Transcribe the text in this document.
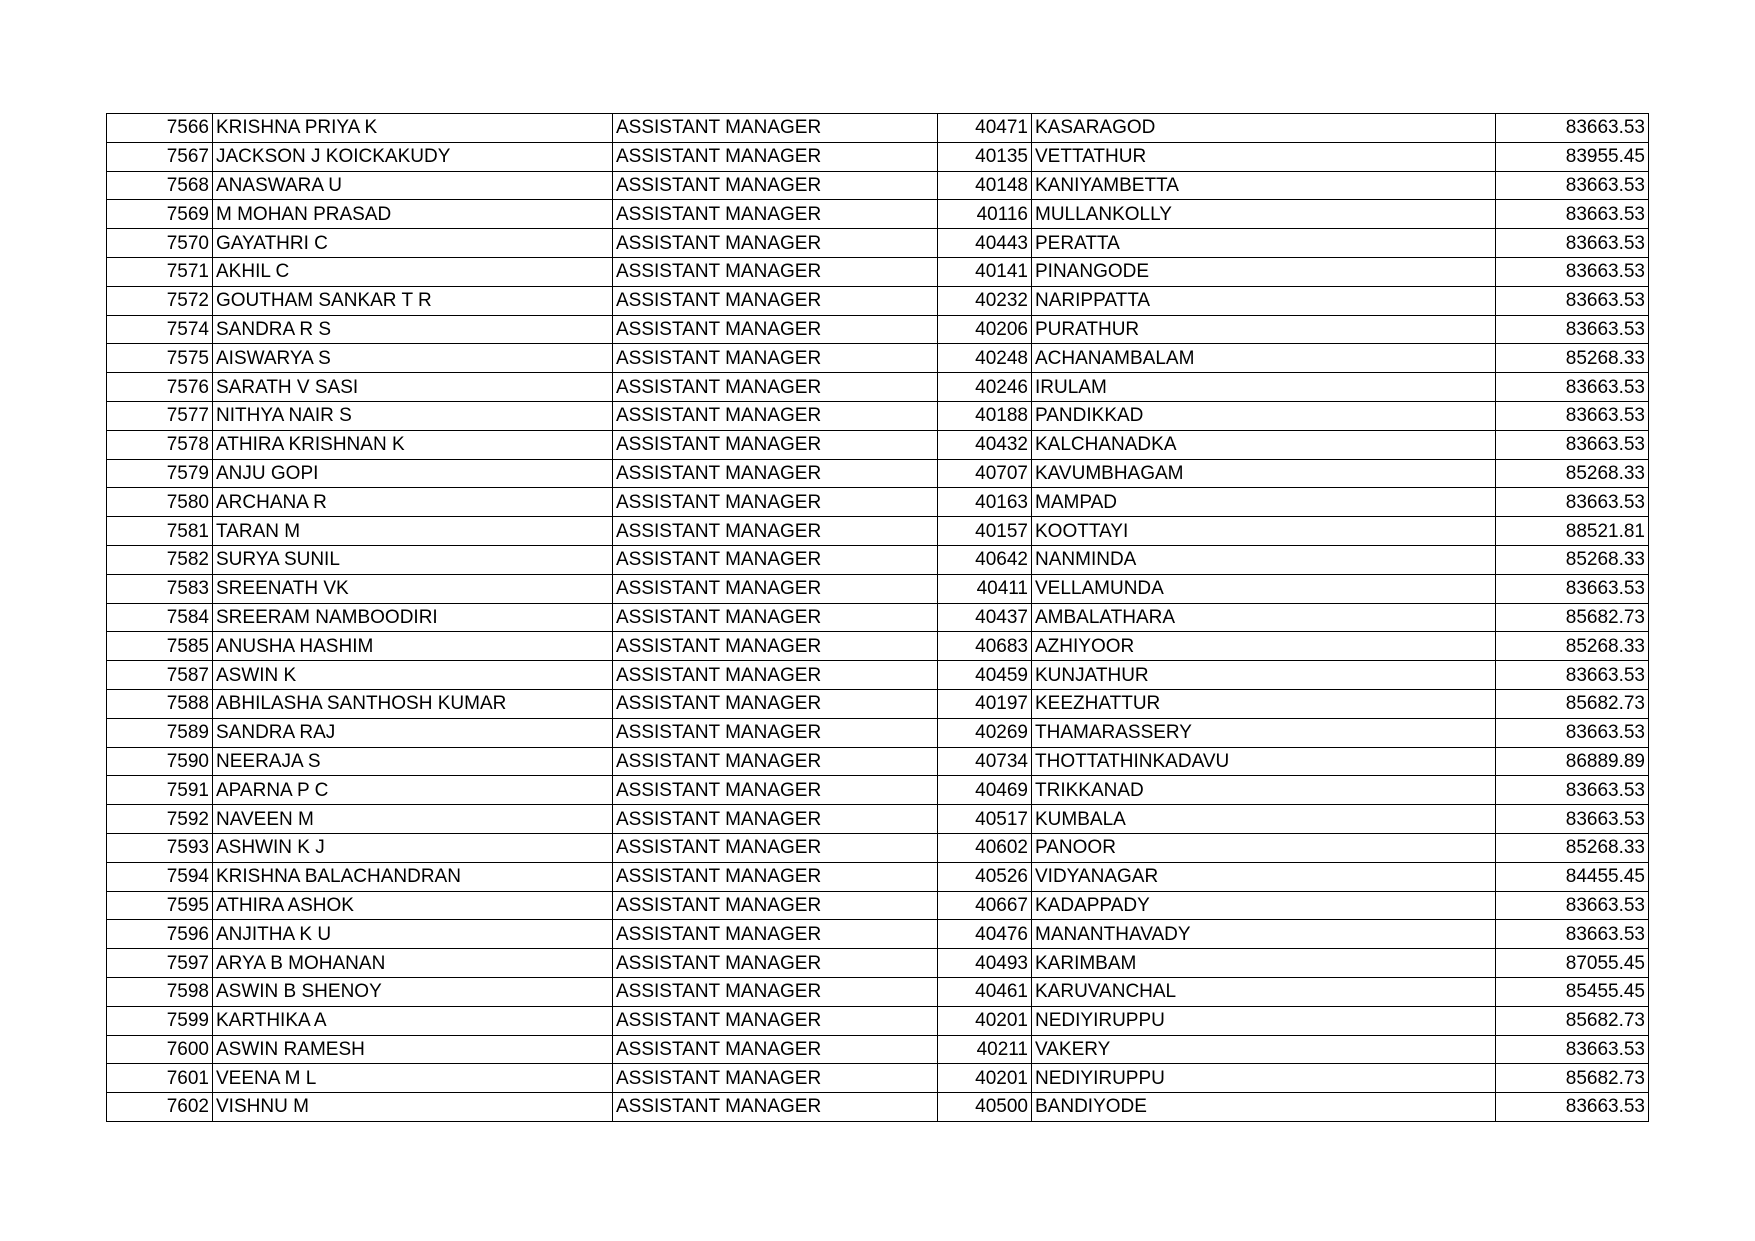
7566	KRISHNA PRIYA K	ASSISTANT MANAGER	40471	KASARAGOD	83663.53
7567	JACKSON J KOICKAKUDY	ASSISTANT MANAGER	40135	VETTATHUR	83955.45
7568	ANASWARA U	ASSISTANT MANAGER	40148	KANIYAMBETTA	83663.53
7569	M MOHAN PRASAD	ASSISTANT MANAGER	40116	MULLANKOLLY	83663.53
7570	GAYATHRI C	ASSISTANT MANAGER	40443	PERATTA	83663.53
7571	AKHIL C	ASSISTANT MANAGER	40141	PINANGODE	83663.53
7572	GOUTHAM SANKAR T R	ASSISTANT MANAGER	40232	NARIPPATTA	83663.53
7574	SANDRA R S	ASSISTANT MANAGER	40206	PURATHUR	83663.53
7575	AISWARYA S	ASSISTANT MANAGER	40248	ACHANAMBALAM	85268.33
7576	SARATH V SASI	ASSISTANT MANAGER	40246	IRULAM	83663.53
7577	NITHYA NAIR S	ASSISTANT MANAGER	40188	PANDIKKAD	83663.53
7578	ATHIRA KRISHNAN K	ASSISTANT MANAGER	40432	KALCHANADKA	83663.53
7579	ANJU GOPI	ASSISTANT MANAGER	40707	KAVUMBHAGAM	85268.33
7580	ARCHANA R	ASSISTANT MANAGER	40163	MAMPAD	83663.53
7581	TARAN M	ASSISTANT MANAGER	40157	KOOTTAYI	88521.81
7582	SURYA SUNIL	ASSISTANT MANAGER	40642	NANMINDA	85268.33
7583	SREENATH VK	ASSISTANT MANAGER	40411	VELLAMUNDA	83663.53
7584	SREERAM NAMBOODIRI	ASSISTANT MANAGER	40437	AMBALATHARA	85682.73
7585	ANUSHA HASHIM	ASSISTANT MANAGER	40683	AZHIYOOR	85268.33
7587	ASWIN K	ASSISTANT MANAGER	40459	KUNJATHUR	83663.53
7588	ABHILASHA SANTHOSH KUMAR	ASSISTANT MANAGER	40197	KEEZHATTUR	85682.73
7589	SANDRA RAJ	ASSISTANT MANAGER	40269	THAMARASSERY	83663.53
7590	NEERAJA S	ASSISTANT MANAGER	40734	THOTTATHINKADAVU	86889.89
7591	APARNA P C	ASSISTANT MANAGER	40469	TRIKKANAD	83663.53
7592	NAVEEN M	ASSISTANT MANAGER	40517	KUMBALA	83663.53
7593	ASHWIN K J	ASSISTANT MANAGER	40602	PANOOR	85268.33
7594	KRISHNA BALACHANDRAN	ASSISTANT MANAGER	40526	VIDYANAGAR	84455.45
7595	ATHIRA ASHOK	ASSISTANT MANAGER	40667	KADAPPADY	83663.53
7596	ANJITHA K U	ASSISTANT MANAGER	40476	MANANTHAVADY	83663.53
7597	ARYA B MOHANAN	ASSISTANT MANAGER	40493	KARIMBAM	87055.45
7598	ASWIN B SHENOY	ASSISTANT MANAGER	40461	KARUVANCHAL	85455.45
7599	KARTHIKA A	ASSISTANT MANAGER	40201	NEDIYIRUPPU	85682.73
7600	ASWIN RAMESH	ASSISTANT MANAGER	40211	VAKERY	83663.53
7601	VEENA M L	ASSISTANT MANAGER	40201	NEDIYIRUPPU	85682.73
7602	VISHNU M	ASSISTANT MANAGER	40500	BANDIYODE	83663.53
